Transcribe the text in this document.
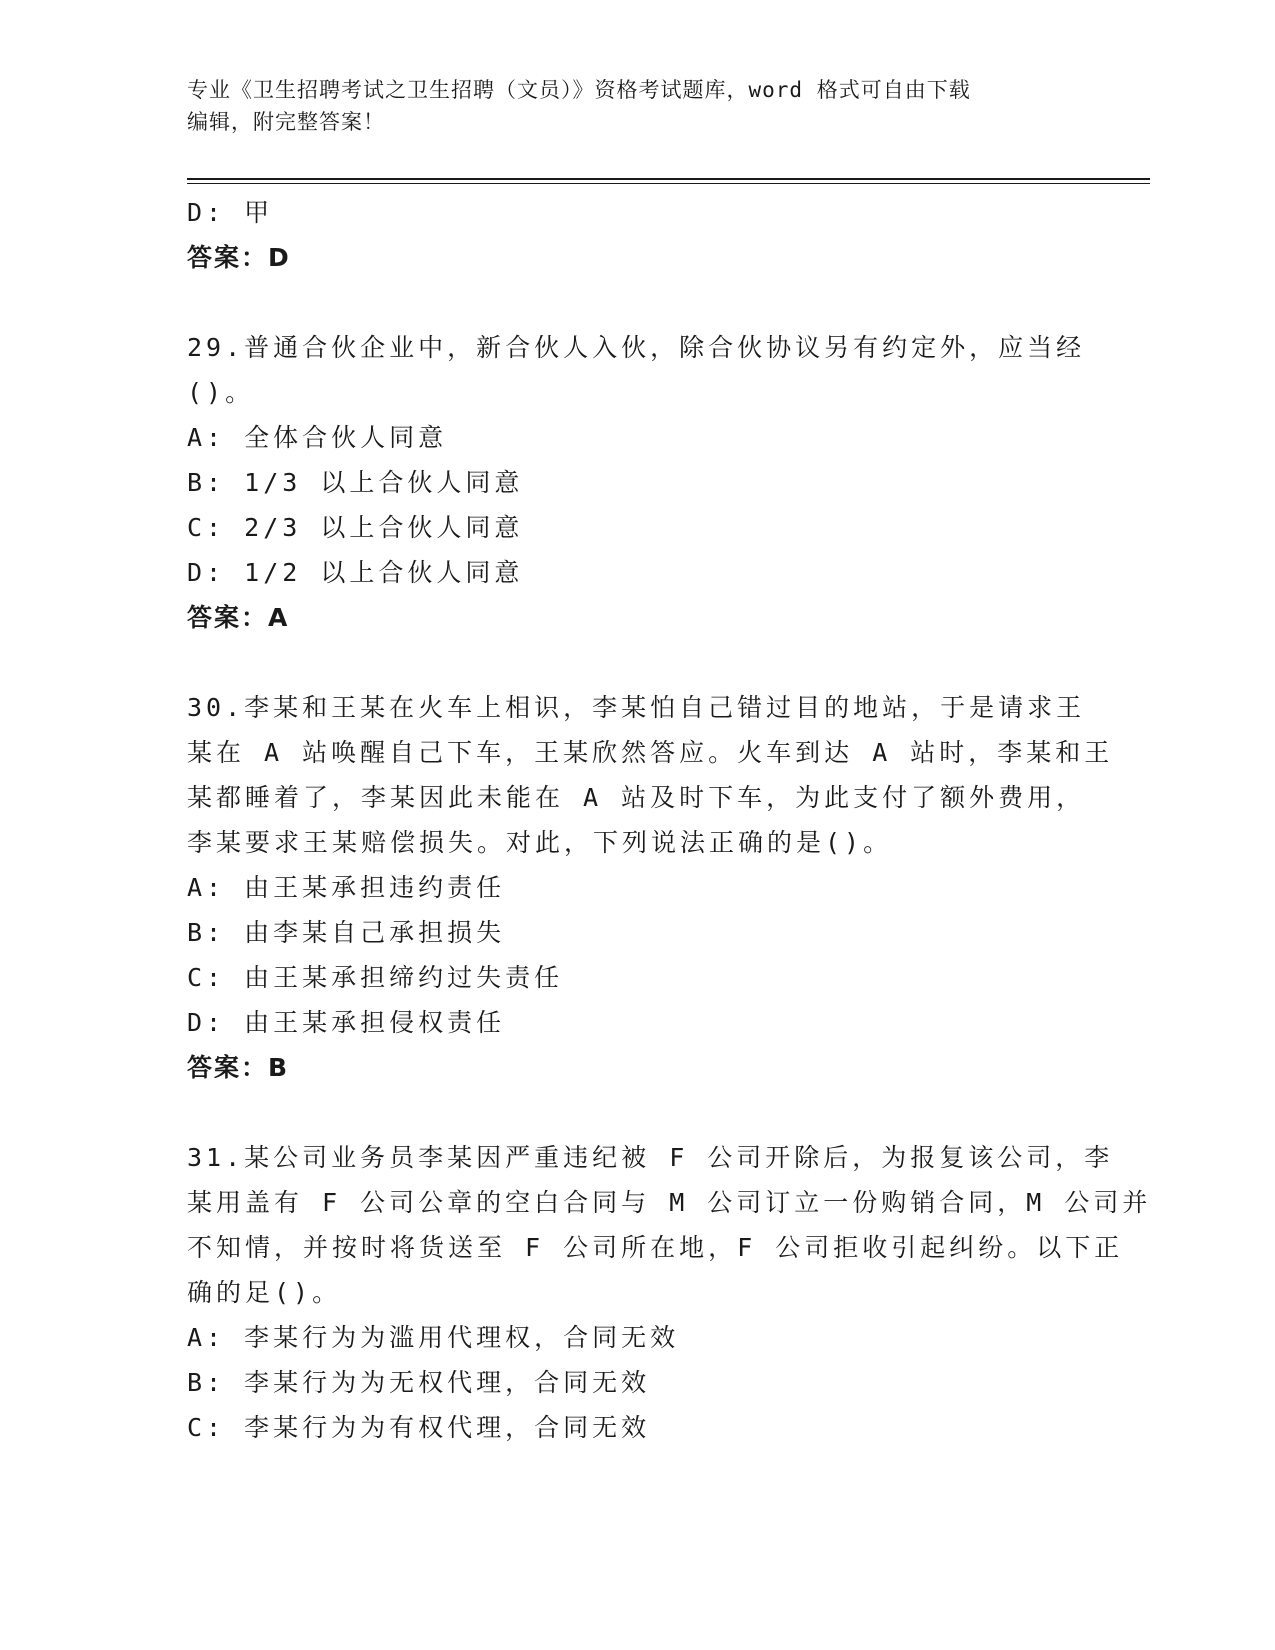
专业《卫生招聘考试之卫生招聘（文员）》资格考试题库，word 格式可自由下载
编辑，附完整答案！
D: 甲
答案：D
29.普通合伙企业中，新合伙人入伙，除合伙协议另有约定外，应当经
()。
A: 全体合伙人同意
B: 1/3 以上合伙人同意
C: 2/3 以上合伙人同意
D: 1/2 以上合伙人同意
答案：A
30.李某和王某在火车上相识，李某怕自己错过目的地站，于是请求王
某在 A 站唤醒自己下车，王某欣然答应。火车到达 A 站时，李某和王
某都睡着了，李某因此未能在 A 站及时下车，为此支付了额外费用，
李某要求王某赔偿损失。对此，下列说法正确的是()。
A: 由王某承担违约责任
B: 由李某自己承担损失
C: 由王某承担缔约过失责任
D: 由王某承担侵权责任
答案：B
31.某公司业务员李某因严重违纪被 F 公司开除后，为报复该公司，李
某用盖有 F 公司公章的空白合同与 M 公司订立一份购销合同，M 公司并
不知情，并按时将货送至 F 公司所在地，F 公司拒收引起纠纷。以下正
确的足()。
A: 李某行为为滥用代理权，合同无效
B: 李某行为为无权代理，合同无效
C: 李某行为为有权代理，合同无效
